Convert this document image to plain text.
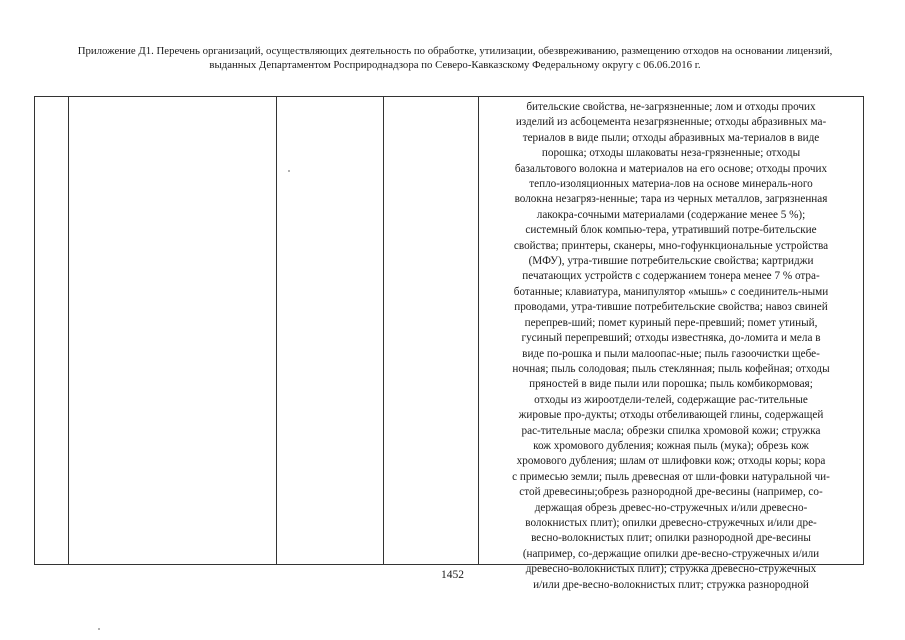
Приложение Д1. Перечень организаций, осуществляющих деятельность по обработке, утилизации, обезвреживанию, размещению отходов на основании лицензий, выданных Департаментом Росприроднадзора по Северо-Кавказскому Федеральному округу с 06.06.2016 г.

бительские свойства, не-загрязненные; лом и отходы прочих
изделий из асбоцемента незагрязненные; отходы абразивных ма-
териалов в виде пыли; отходы абразивных ма-териалов в виде
порошка; отходы шлаковаты неза-грязненные; отходы
базальтового волокна и материалов на его основе; отходы прочих
тепло-изоляционных материа-лов на основе минераль-ного
волокна незагряз-ненные; тара из черных металлов, загрязненная
лакокра-сочными материалами (содержание менее 5 %);
системный блок компью-тера, утративший потре-бительские
свойства; принтеры, сканеры, мно-гофункциональные устройства
(МФУ), утра-тившие потребительские свойства; картриджи
печатающих устройств с содержанием тонера менее 7 % отра-
ботанные; клавиатура, манипулятор «мышь» с соединитель-ными
проводами, утра-тившие потребительские свойства; навоз свиней
перепрев-ший; помет куриный пере-превший; помет утиный,
гусиный перепревший; отходы известняка, до-ломита и мела в
виде по-рошка и пыли малоопас-ные; пыль газоочистки щебе-
ночная; пыль солодовая; пыль стеклянная; пыль кофейная; отходы
пряностей в виде пыли или порошка; пыль комбикормовая;
отходы из жироотдели-телей, содержащие рас-тительные
жировые про-дукты; отходы отбеливающей глины, содержащей
рас-тительные масла; обрезки спилка хромовой кожи; стружка
кож хромового дубления; кожная пыль (мука); обрезь кож
хромового дубления; шлам от шлифовки кож; отходы коры; кора
с примесью земли; пыль древесная от шли-фовки натуральной чи-
стой древесины;обрезь разнородной дре-весины (например, со-
держащая обрезь древес-но-стружечных и/или древесно-
волокнистых плит); опилки древесно-стружечных и/или дре-
весно-волокнистых плит; опилки разнородной дре-весины
(например, со-держащие опилки дре-весно-стружечных и/или
древесно-волокнистых плит); стружка древесно-стружечных
и/или дре-весно-волокнистых плит; стружка разнородной
1452
